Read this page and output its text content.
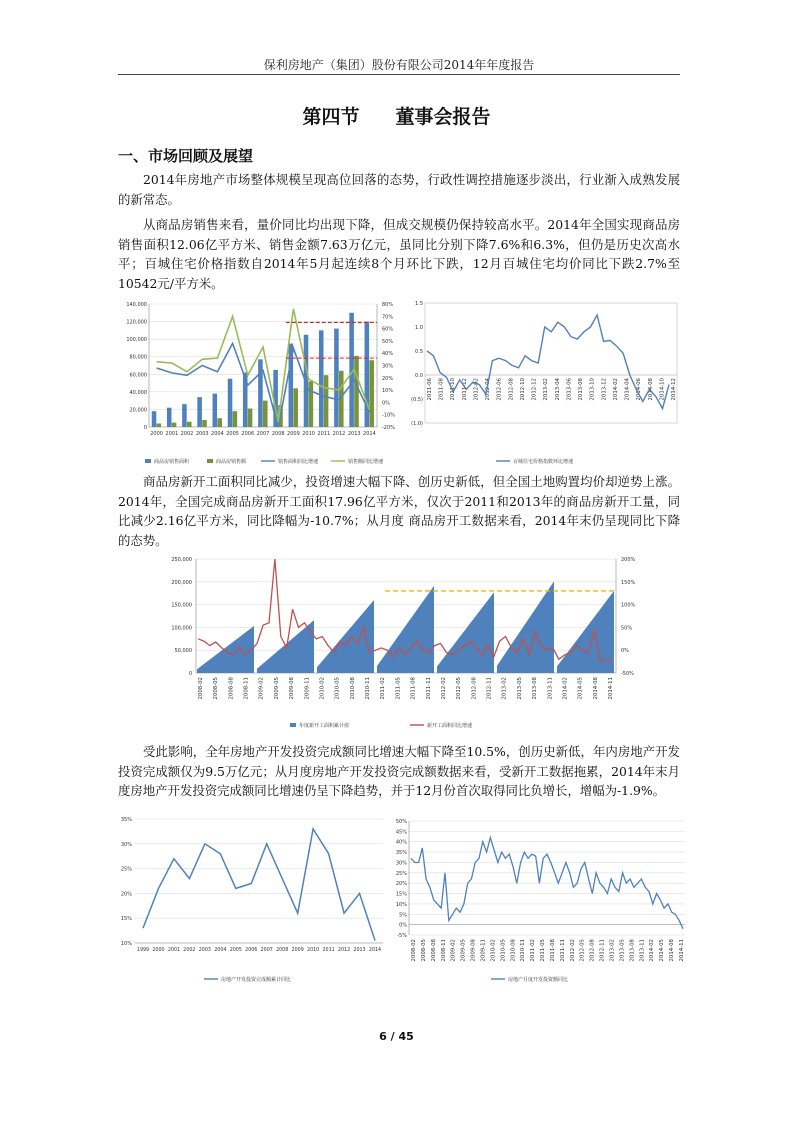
保利房地产（集团）股份有限公司2014年年度报告
第四节 董事会报告
一、市场回顾及展望

2014年房地产市场整体规模呈现高位回落的态势，行政性调控措施逐步淡出，行业渐入成熟发展的新常态。

从商品房销售来看，量价同比均出现下降，但成交规模仍保持较高水平。2014年全国实现商品房销售面积12.06亿平方米、销售金额7.63万亿元，虽同比分别下降7.6%和6.3%，但仍是历史次高水平；百城住宅价格指数自2014年5月起连续8个月环比下跌，12月百城住宅均价同比下跌2.7%至10542元/平方米。

140,000
120,000
100,000
80,000
60,000
40,000
20,000
0
80%
70%
60%
50%
40%
30%
20%
10%
0%
-10%
-20%
2000 2001 2002 2003 2004 2005 2006 2007 2008 2009 2010 2011 2012 2013 2014
商品房销售面积	商品房销售额	销售面积同比增速	销售额同比增速
1.5
1.0
0.5
0.0
(0.5)
(1.0)
2011-06 2011-08 2011-10 2011-12 2012-02 2012-04 2012-06 2012-08 2012-10 2012-12 2013-02 2013-04 2013-06 2013-08 2013-10 2013-12 2014-02 2014-04 2014-06 2014-08 2014-10 2014-12
百城住宅价格指数环比增速

商品房新开工面积同比减少，投资增速大幅下降、创历史新低，但全国土地购置均价却逆势上涨。2014年，全国完成商品房新开工面积17.96亿平方米，仅次于2011和2013年的商品房新开工量，同比减少2.16亿平方米，同比降幅为-10.7%；从月度 商品房开工数据来看，2014年末仍呈现同比下降的态势。

250,000
200,000
150,000
100,000
50,000
0
200%
150%
100%
50%
0%
-50%
2008-02 2008-05 2008-08 2008-11 2009-02 2009-05 2009-08 2009-11 2010-02 2010-05 2010-08 2010-11 2011-02 2011-05 2011-08 2011-11 2012-02 2012-05 2012-08 2012-11 2013-02 2013-05 2013-08 2013-11 2014-02 2014-05 2014-08 2014-11
年度新开工面积累计值	新开工面积同比增速

受此影响，全年房地产开发投资完成额同比增速大幅下降至10.5%，创历史新低，年内房地产开发投资完成额仅为9.5万亿元；从月度房地产开发投资完成额数据来看，受新开工数据拖累，2014年末月度房地产开发投资完成额同比增速仍呈下降趋势，并于12月份首次取得同比负增长，增幅为-1.9%。

35%
30%
25%
20%
15%
10%
1999 2000 2001 2002 2003 2004 2005 2006 2007 2008 2009 2010 2011 2012 2013 2014
房地产开发投资完成额累计同比
50%
45%
40%
35%
30%
25%
20%
15%
10%
5%
0%
-5%
2008-02 2008-05 2008-08 2008-11 2009-02 2009-05 2009-08 2009-11 2010-02 2010-05 2010-08 2010-11 2011-02 2011-05 2011-08 2011-11 2012-02 2012-05 2012-08 2012-11 2013-02 2013-05 2013-08 2013-11 2014-02 2014-05 2014-08 2014-11
房地产月度开发投资额同比
6 / 45
